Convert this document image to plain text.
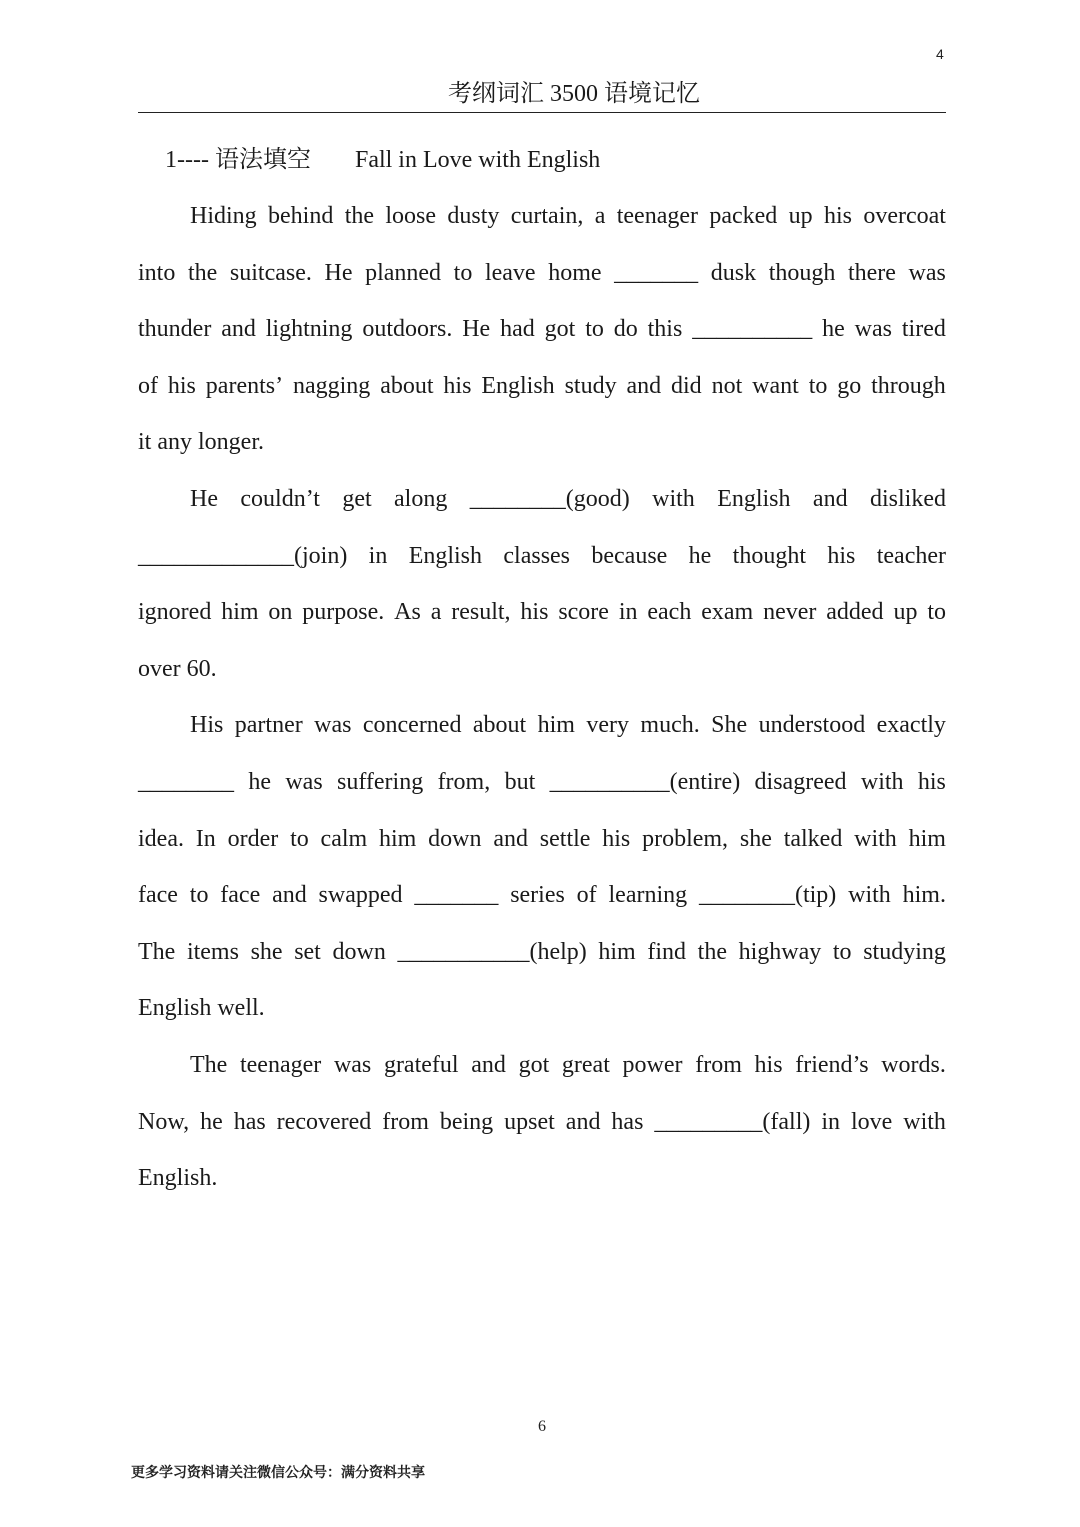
4
考纲词汇 3500 语境记忆
1---- 语法填空 Fall in Love with English
Hiding behind the loose dusty curtain, a teenager packed up his overcoat
into the suitcase. He planned to leave home _______ dusk though there was
thunder and lightning outdoors. He had got to do this __________ he was tired
of his parents’ nagging about his English study and did not want to go through
it any longer.
He couldn’t get along ________(good) with English and disliked
_____________(join) in English classes because he thought his teacher
ignored him on purpose. As a result, his score in each exam never added up to
over 60.
His partner was concerned about him very much. She understood exactly
________ he was suffering from, but __________(entire) disagreed with his
idea. In order to calm him down and settle his problem, she talked with him
face to face and swapped _______ series of learning ________(tip) with him.
The items she set down ___________(help) him find the highway to studying
English well.
The teenager was grateful and got great power from his friend’s words.
Now, he has recovered from being upset and has _________(fall) in love with
English.
6
更多学习资料请关注微信公众号：满分资料共享
